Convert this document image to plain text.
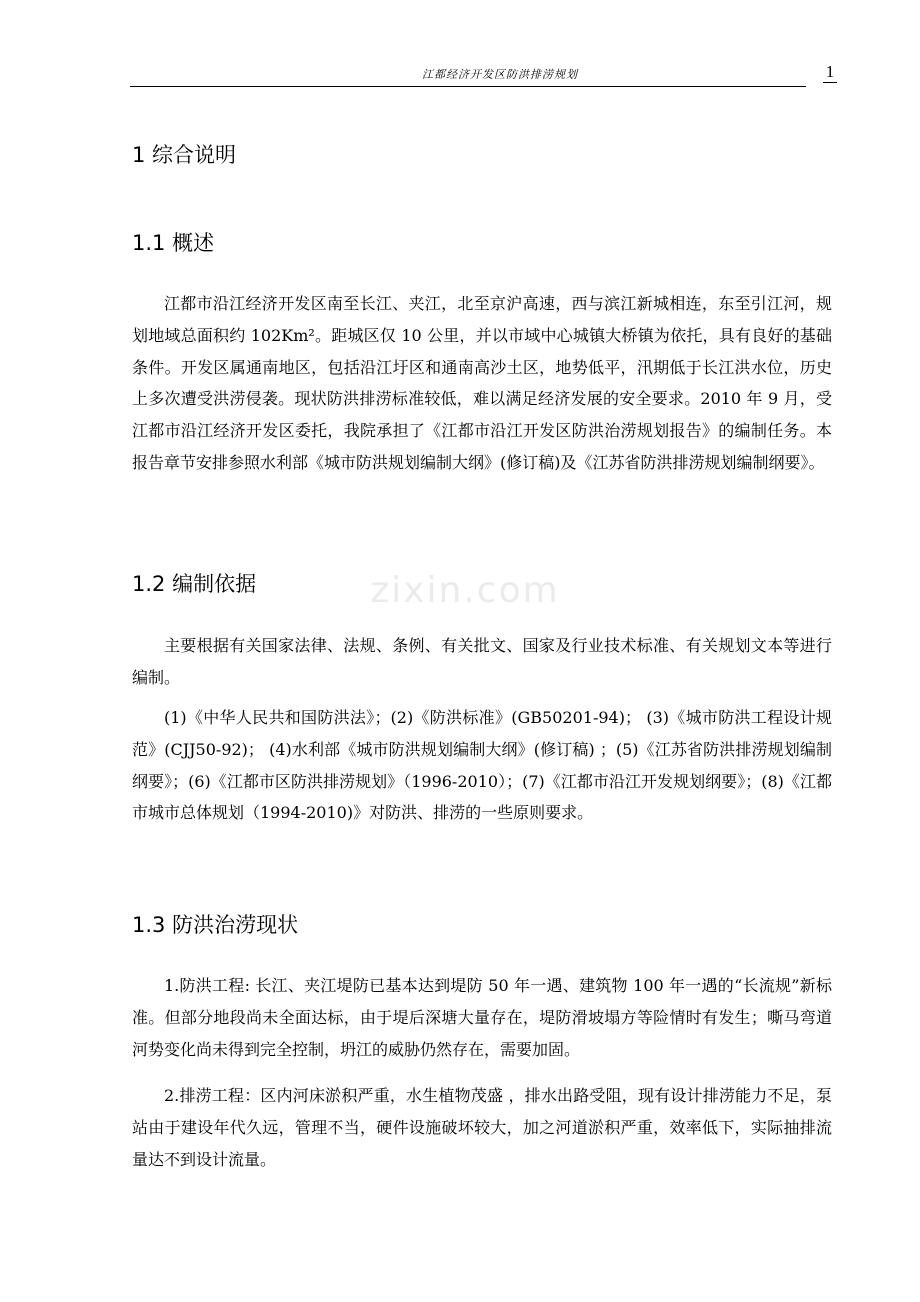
江都经济开发区防洪排涝规划	1
zixin.com
1 综合说明
1.1 概述

江都市沿江经济开发区南至长江、夹江，北至京沪高速，西与滨江新城相连，东至引江河，规划地域总面积约 102Km²。距城区仅 10 公里，并以市域中心城镇大桥镇为依托，具有良好的基础条件。开发区属通南地区，包括沿江圩区和通南高沙土区，地势低平，汛期低于长江洪水位，历史上多次遭受洪涝侵袭。现状防洪排涝标准较低，难以满足经济发展的安全要求。2010 年 9 月，受江都市沿江经济开发区委托，我院承担了《江都市沿江开发区防洪治涝规划报告》的编制任务。本报告章节安排参照水利部《城市防洪规划编制大纲》(修订稿)及《江苏省防洪排涝规划编制纲要》。

1.2 编制依据

主要根据有关国家法律、法规、条例、有关批文、国家及行业技术标准、有关规划文本等进行编制。

(1)《中华人民共和国防洪法》；(2)《防洪标准》(GB50201-94)； (3)《城市防洪工程设计规范》(CJJ50-92)； (4)水利部《城市防洪规划编制大纲》(修订稿) ；(5)《江苏省防洪排涝规划编制纲要》；(6)《江都市区防洪排涝规划》（1996-2010）；(7)《江都市沿江开发规划纲要》；(8)《江都市城市总体规划（1994-2010)》对防洪、排涝的一些原则要求。

1.3 防洪治涝现状

1.防洪工程: 长江、夹江堤防已基本达到堤防 50 年一遇、建筑物 100 年一遇的“长流规”新标准。但部分地段尚未全面达标，由于堤后深塘大量存在，堤防滑坡塌方等险情时有发生；嘶马弯道河势变化尚未得到完全控制，坍江的威胁仍然存在，需要加固。

2.排涝工程：区内河床淤积严重，水生植物茂盛 ，排水出路受阻，现有设计排涝能力不足，泵站由于建设年代久远，管理不当，硬件设施破坏较大，加之河道淤积严重，效率低下，实际抽排流量达不到设计流量。
